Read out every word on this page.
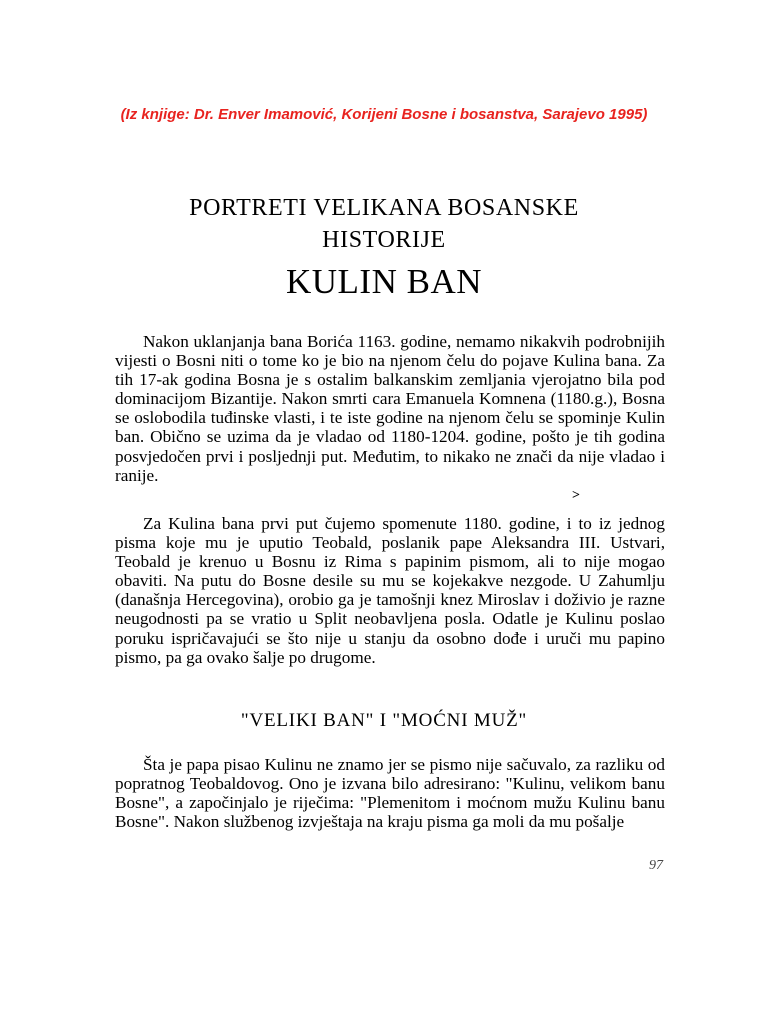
(Iz knjige: Dr. Enver Imamović, Korijeni Bosne i bosanstva, Sarajevo 1995)
PORTRETI VELIKANA BOSANSKE
HISTORIJE
KULIN BAN

Nakon uklanjanja bana Borića 1163. godine, nemamo nikakvih podrobnijih vijesti o Bosni niti o tome ko je bio na njenom čelu do pojave Kulina bana. Za tih 17-ak godina Bosna je s ostalim balkanskim zemljania vjerojatno bila pod dominacijom Bizantije. Nakon smrti cara Emanuela Komnena (1180.g.), Bosna se oslobodila tuđinske vlasti, i te iste godine na njenom čelu se spominje Kulin ban. Obično se uzima da je vladao od 1180-1204. godine, pošto je tih godina posvjedočen prvi i posljednji put. Međutim, to nikako ne znači da nije vladao i ranije.

˃

Za Kulina bana prvi put čujemo spomenute 1180. godine, i to iz jednog pisma koje mu je uputio Teobald, poslanik pape Aleksandra III. Ustvari, Teobald je krenuo u Bosnu iz Rima s papinim pismom, ali to nije mogao obaviti. Na putu do Bosne desile su mu se kojekakve nezgode. U Zahumlju (današnja Hercegovina), orobio ga je tamošnji knez Miroslav i doživio je razne neugodnosti pa se vratio u Split neobavljena posla. Odatle je Kulinu poslao poruku ispričavajući se što nije u stanju da osobno dođe i uruči mu papino pismo, pa ga ovako šalje po drugome.

"VELIKI BAN" I "MOĆNI MUŽ"

Šta je papa pisao Kulinu ne znamo jer se pismo nije sačuvalo, za razliku od popratnog Teobaldovog. Ono je izvana bilo adresirano: "Kulinu, velikom banu Bosne", a započinjalo je riječima: "Plemenitom i moćnom mužu Kulinu banu Bosne". Nakon službenog izvještaja na kraju pisma ga moli da mu pošalje

97
